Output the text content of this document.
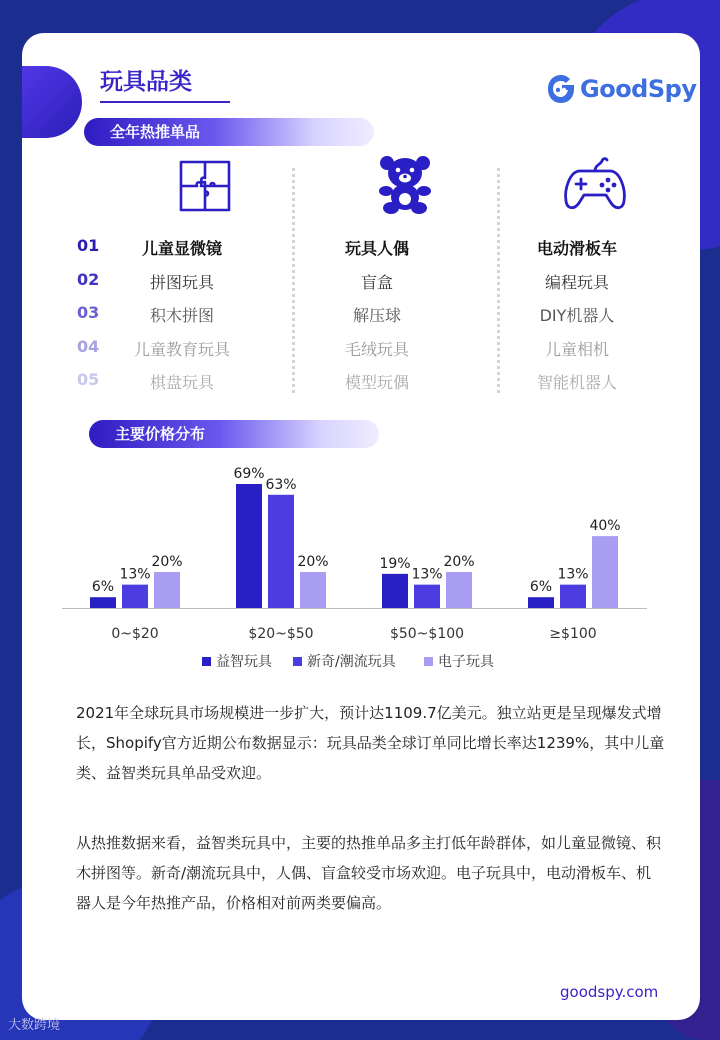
玩具品类	GoodSpy
全年热推单品
01	儿童显微镜	玩具人偶	电动滑板车
02	拼图玩具	盲盒	编程玩具
03	积木拼图	解压球	DIY机器人
04	儿童教育玩具	毛绒玩具	儿童相机
05	棋盘玩具	模型玩偶	智能机器人
主要价格分布
6%
13%
20%
0~$20
69%
63%
20%
$20~$50
19%
13%
20%
$50~$100
6%
13%
40%
≥$100
益智玩具	新奇/潮流玩具	电子玩具
2021年全球玩具市场规模进一步扩大，预计达1109.7亿美元。独立站更是呈现爆发式增长，Shopify官方近期公布数据显示：玩具品类全球订单同比增长率达1239%，其中儿童类、益智类玩具单品受欢迎。
从热推数据来看，益智类玩具中，主要的热推单品多主打低年龄群体，如儿童显微镜、积木拼图等。新奇/潮流玩具中，人偶、盲盒较受市场欢迎。电子玩具中，电动滑板车、机器人是今年热推产品，价格相对前两类要偏高。
goodspy.com
大数跨境
